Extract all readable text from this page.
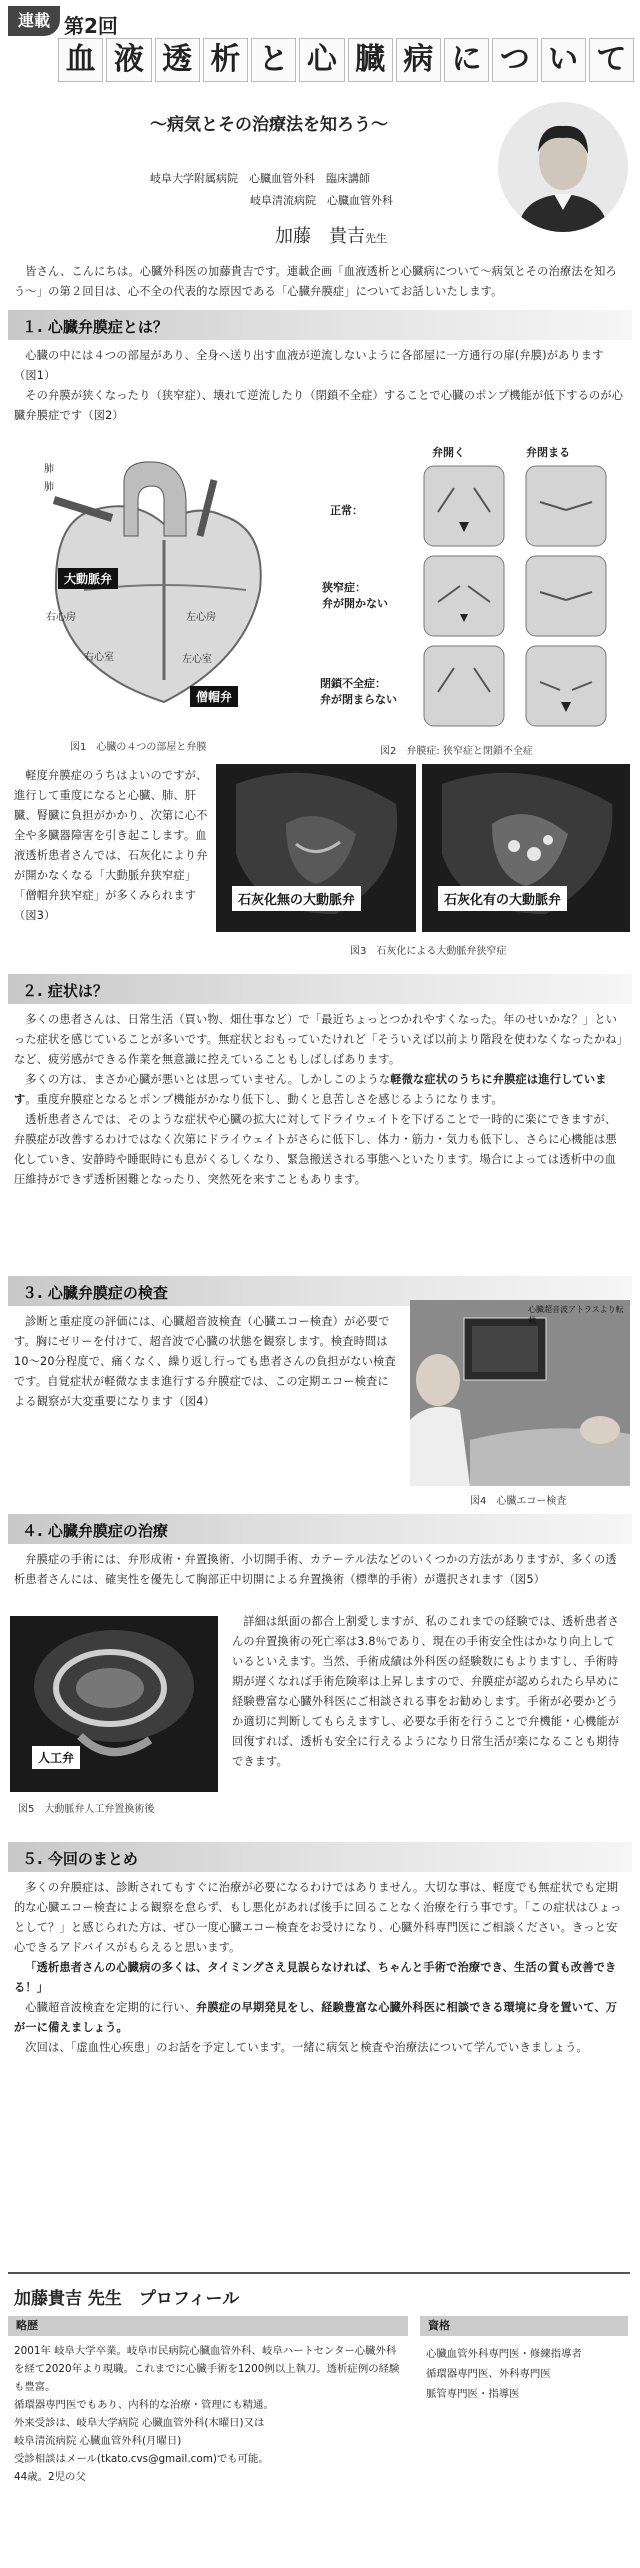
連載 第2回
血 液 透 析 と 心 臓 病 に つ い て
〜病気とその治療法を知ろう〜
岐阜大学附属病院　心臓血管外科　臨床講師
岐阜清流病院　心臓血管外科
加藤　貴吉先生

皆さん、こんにちは。心臓外科医の加藤貴吉です。連載企画「血液透析と心臓病について〜病気とその治療法を知ろう〜」の第２回目は、心不全の代表的な原因である「心臓弁膜症」についてお話しいたします。

１. 心臓弁膜症とは？

心臓の中には４つの部屋があり、全身へ送り出す血液が逆流しないように各部屋に一方通行の扉(弁膜)があります（図1）

その弁膜が狭くなったり（狭窄症）、壊れて逆流したり（閉鎖不全症）することで心臓のポンプ機能が低下するのが心臓弁膜症です（図2）

肺
肺
大動脈弁
右心房	左心房
右心室	左心室
僧帽弁
図1　心臓の４つの部屋と弁膜
弁開く	弁閉まる
正常：
狭窄症：
弁が開かない
閉鎖不全症：
弁が閉まらない
図2　弁膜症: 狭窄症と閉鎖不全症

軽度弁膜症のうちはよいのですが、進行して重度になると心臓、肺、肝臓、腎臓に負担がかかり、次第に心不全や多臓器障害を引き起こします。血液透析患者さんでは、石灰化により弁が開かなくなる「大動脈弁狭窄症」「僧帽弁狭窄症」が多くみられます（図3）

石灰化無の大動脈弁	石灰化有の大動脈弁
図3　石灰化による大動脈弁狭窄症
２. 症状は？

多くの患者さんは、日常生活（買い物、畑仕事など）で「最近ちょっとつかれやすくなった。年のせいかな？」といった症状を感じていることが多いです。無症状とおもっていたけれど「そういえば以前より階段を使わなくなったかね」など、疲労感ができる作業を無意識に控えていることもしばしばあります。

多くの方は、まさか心臓が悪いとは思っていません。しかしこのような軽微な症状のうちに弁膜症は進行しています。重度弁膜症となるとポンプ機能がかなり低下し、動くと息苦しさを感じるようになります。

透析患者さんでは、そのような症状や心臓の拡大に対してドライウェイトを下げることで一時的に楽にできますが、弁膜症が改善するわけではなく次第にドライウェイトがさらに低下し、体力・筋力・気力も低下し、さらに心機能は悪化していき、安静時や睡眠時にも息がくるしくなり、緊急搬送される事態へといたります。場合によっては透析中の血圧維持ができず透析困難となったり、突然死を来すこともあります。

３. 心臓弁膜症の検査

診断と重症度の評価には、心臓超音波検査（心臓エコー検査）が必要です。胸にゼリーを付けて、超音波で心臓の状態を観察します。検査時間は10〜20分程度で、痛くなく、繰り返し行っても患者さんの負担がない検査です。自覚症状が軽微なまま進行する弁膜症では、この定期エコー検査による観察が大変重要になります（図4）

心臓超音波アトラスより転載
図4　心臓エコー検査
４. 心臓弁膜症の治療

弁膜症の手術には、弁形成術・弁置換術、小切開手術、カテーテル法などのいくつかの方法がありますが、多くの透析患者さんには、確実性を優先して胸部正中切開による弁置換術（標準的手術）が選択されます（図5）

人工弁
図5　大動脈弁人工弁置換術後

詳細は紙面の都合上割愛しますが、私のこれまでの経験では、透析患者さんの弁置換術の死亡率は3.8％であり、現在の手術安全性はかなり向上しているといえます。当然、手術成績は外科医の経験数にもよりますし、手術時期が遅くなれば手術危険率は上昇しますので、弁膜症が認められたら早めに経験豊富な心臓外科医にご相談される事をお勧めします。手術が必要かどうか適切に判断してもらえますし、必要な手術を行うことで弁機能・心機能が回復すれば、透析も安全に行えるようになり日常生活が楽になることも期待できます。

５. 今回のまとめ

多くの弁膜症は、診断されてもすぐに治療が必要になるわけではありません。大切な事は、軽度でも無症状でも定期的な心臓エコー検査による観察を怠らず、もし悪化があれば後手に回ることなく治療を行う事です。「この症状はひょっとして？」と感じられた方は、ぜひ一度心臓エコー検査をお受けになり、心臓外科専門医にご相談ください。きっと安心できるアドバイスがもらえると思います。

「透析患者さんの心臓病の多くは、タイミングさえ見誤らなければ、ちゃんと手術で治療でき、生活の質も改善できる！」

心臓超音波検査を定期的に行い、弁膜症の早期発見をし、経験豊富な心臓外科医に相談できる環境に身を置いて、万が一に備えましょう。

次回は、「虚血性心疾患」のお話を予定しています。一緒に病気と検査や治療法について学んでいきましょう。

加藤貴吉 先生　プロフィール
略歴
2001年 岐阜大学卒業。岐阜市民病院心臓血管外科、岐阜ハートセンター心臓外科を経て2020年より現職。これまでに心臓手術を1200例以上執刀。透析症例の経験も豊富。
循環器専門医でもあり、内科的な治療・管理にも精通。
外来受診は、岐阜大学病院 心臓血管外科(木曜日)又は
岐阜清流病院 心臓血管外科(月曜日)
受診相談はメール(tkato.cvs@gmail.com)でも可能。
44歳。2児の父
資格
心臓血管外科専門医・修練指導者
循環器専門医、外科専門医
脈管専門医・指導医
